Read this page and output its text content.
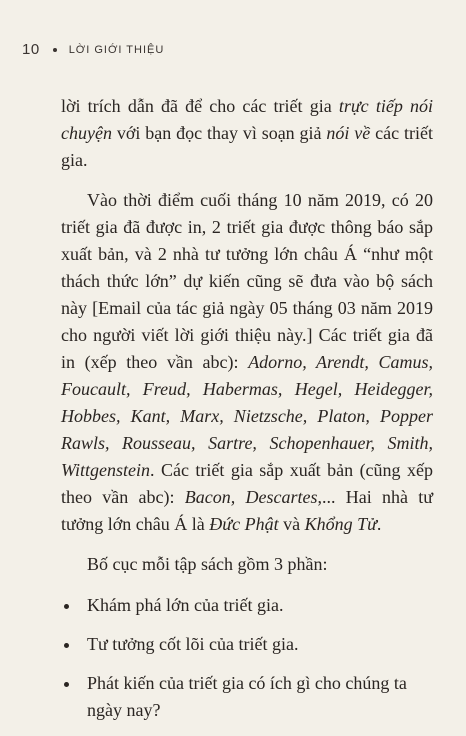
10	LỜI GIỚI THIỆU

lời trích dẫn đã để cho các triết gia trực tiếp nói chuyện với bạn đọc thay vì soạn giả nói về các triết gia.

Vào thời điểm cuối tháng 10 năm 2019, có 20 triết gia đã được in, 2 triết gia được thông báo sắp xuất bản, và 2 nhà tư tưởng lớn châu Á “như một thách thức lớn” dự kiến cũng sẽ đưa vào bộ sách này [Email của tác giả ngày 05 tháng 03 năm 2019 cho người viết lời giới thiệu này.] Các triết gia đã in (xếp theo vần abc): Adorno, Arendt, Camus, Foucault, Freud, Habermas, Hegel, Heidegger, Hobbes, Kant, Marx, Nietzsche, Platon, Popper Rawls, Rousseau, Sartre, Schopenhauer, Smith, Wittgenstein. Các triết gia sắp xuất bản (cũng xếp theo vần abc): Bacon, Descartes,... Hai nhà tư tưởng lớn châu Á là Đức Phật và Khổng Tử.

Bố cục mỗi tập sách gồm 3 phần:

Khám phá lớn của triết gia.
Tư tưởng cốt lõi của triết gia.
Phát kiến của triết gia có ích gì cho chúng ta ngày nay?
